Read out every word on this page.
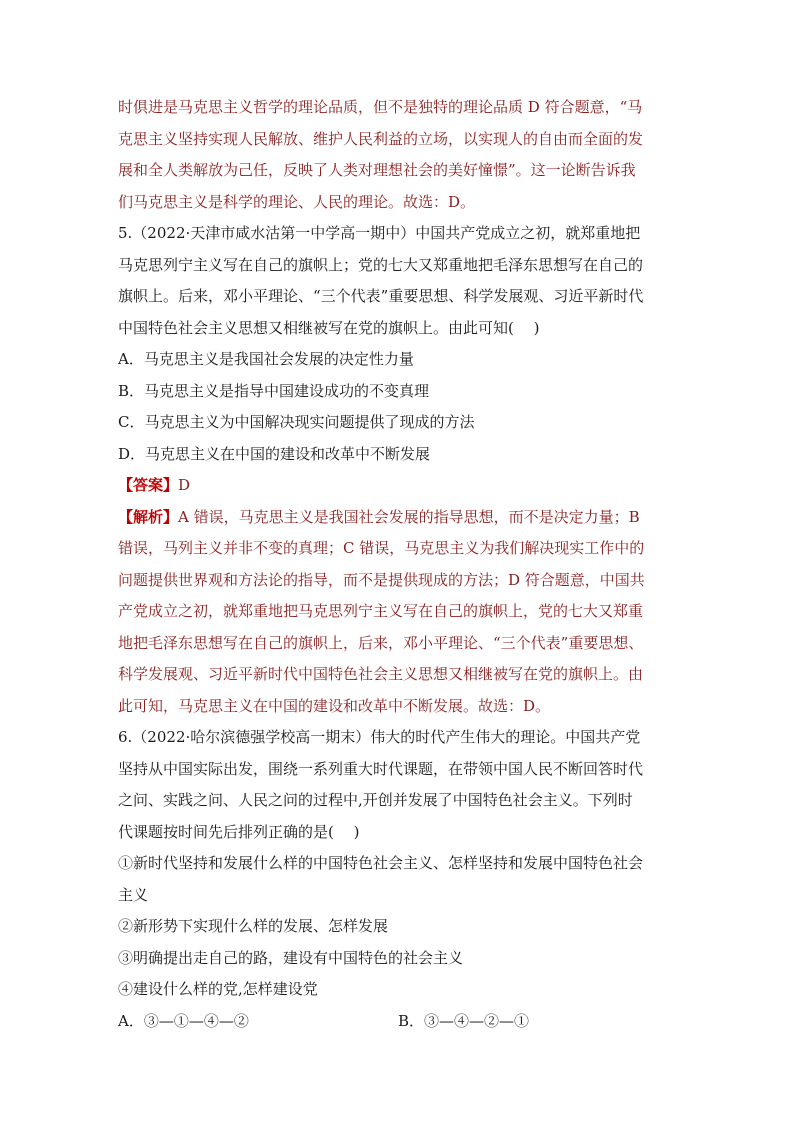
时俱进是马克思主义哲学的理论品质，但不是独特的理论品质 D 符合题意，“马
克思主义坚持实现人民解放、维护人民利益的立场，以实现人的自由而全面的发
展和全人类解放为己任，反映了人类对理想社会的美好憧憬”。这一论断告诉我
们马克思主义是科学的理论、人民的理论。故选：D。
5.（2022·天津市咸水沽第一中学高一期中）中国共产党成立之初，就郑重地把
马克思列宁主义写在自己的旗帜上；党的七大又郑重地把毛泽东思想写在自己的
旗帜上。后来，邓小平理论、“三个代表”重要思想、科学发展观、习近平新时代
中国特色社会主义思想又相继被写在党的旗帜上。由此可知(　 )
A．马克思主义是我国社会发展的决定性力量
B．马克思主义是指导中国建设成功的不变真理
C．马克思主义为中国解决现实问题提供了现成的方法
D．马克思主义在中国的建设和改革中不断发展
【答案】D
【解析】A 错误，马克思主义是我国社会发展的指导思想，而不是决定力量；B
错误，马列主义并非不变的真理；C 错误，马克思主义为我们解决现实工作中的
问题提供世界观和方法论的指导，而不是提供现成的方法；D 符合题意，中国共
产党成立之初，就郑重地把马克思列宁主义写在自己的旗帜上，党的七大又郑重
地把毛泽东思想写在自己的旗帜上，后来，邓小平理论、“三个代表”重要思想、
科学发展观、习近平新时代中国特色社会主义思想又相继被写在党的旗帜上。由
此可知，马克思主义在中国的建设和改革中不断发展。故选：D。
6.（2022·哈尔滨德强学校高一期末）伟大的时代产生伟大的理论。中国共产党
坚持从中国实际出发，围绕一系列重大时代课题，在带领中国人民不断回答时代
之问、实践之问、人民之问的过程中,开创并发展了中国特色社会主义。下列时
代课题按时间先后排列正确的是(　 )
①新时代坚持和发展什么样的中国特色社会主义、怎样坚持和发展中国特色社会
主义
②新形势下实现什么样的发展、怎样发展
③明确提出走自己的路，建设有中国特色的社会主义
④建设什么样的党,怎样建设党
A．③—①—④—②	B．③—④—②—①
